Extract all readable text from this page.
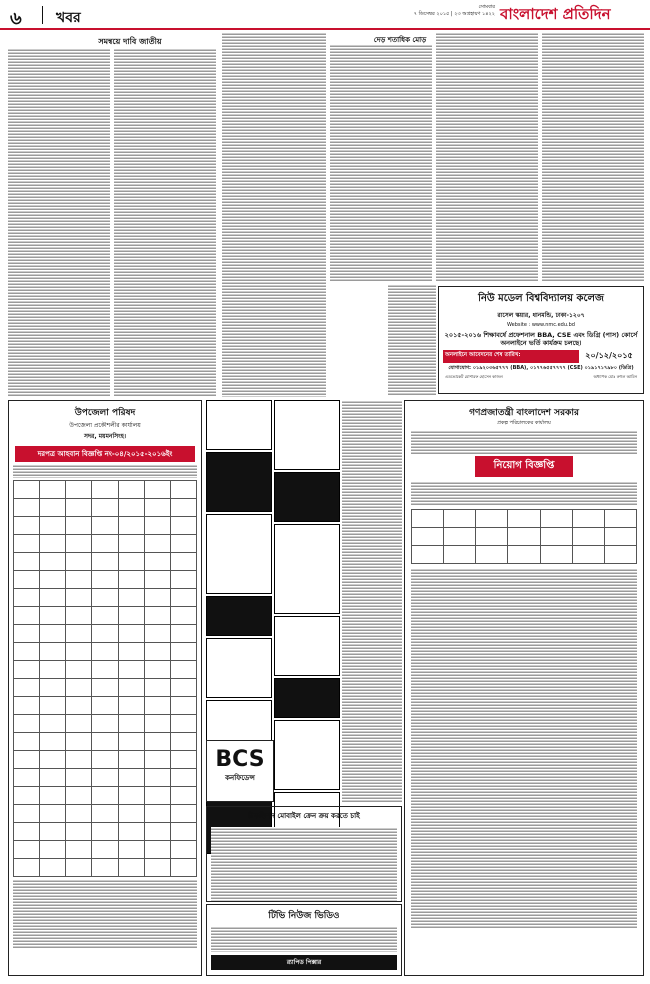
৬ খবর
সোমবার
৭ ডিসেম্বর ২০১৫ | ২৩ অগ্রহায়ণ ১৪২২ বাংলাদেশ প্রতিদিন
সমন্বয়ে দাবি জাতীয়	দেড় শতাধিক মোড়
নিউ মডেল বিশ্ববিদ্যালয় কলেজ
রাসেল স্কয়ার, ধানমন্ডি, ঢাকা-১২০৭
Website : www.nmc.edu.bd
২০১৫-২০১৬ শিক্ষাবর্ষে প্রফেশনাল BBA, CSE এবং ডিগ্রি (পাস) কোর্সে অনলাইনে ভর্তি কার্যক্রম চলছে।
অনলাইনে আবেদনের শেষ তারিখ:	২০/১২/২০১৫
যোগাযোগ: ০১৯২০৩৬৫৭৭৭ (BBA), ০১৭৭৬৫৫৭৭৭৭ (CSE) ০১৯১৭১৭৯৮০ (ডিগ্রি)
এডভোকেট মোশারফ হোসেন কাজল	অধ্যাপক মোঃ রুহুল আমিন
উপজেলা পরিষদ
উপজেলা প্রকৌশলীর কার্যালয়
সদর, ময়মনসিংহ।
দরপত্র আহবান বিজ্ঞপ্তি নং-০৪/২০১৫-২০১৬ইং

BCS
কনফিডেন্স
রিকন্ডিশন মোবাইল ক্রেন ক্রয় করতে চাই
টিভি নিউজ ভিডিও
র‍্যাপিড পিক্সার
গণপ্রজাতন্ত্রী বাংলাদেশ সরকার
প্রকল্প পরিচালকের কার্যালয়
নিয়োগ বিজ্ঞপ্তি
